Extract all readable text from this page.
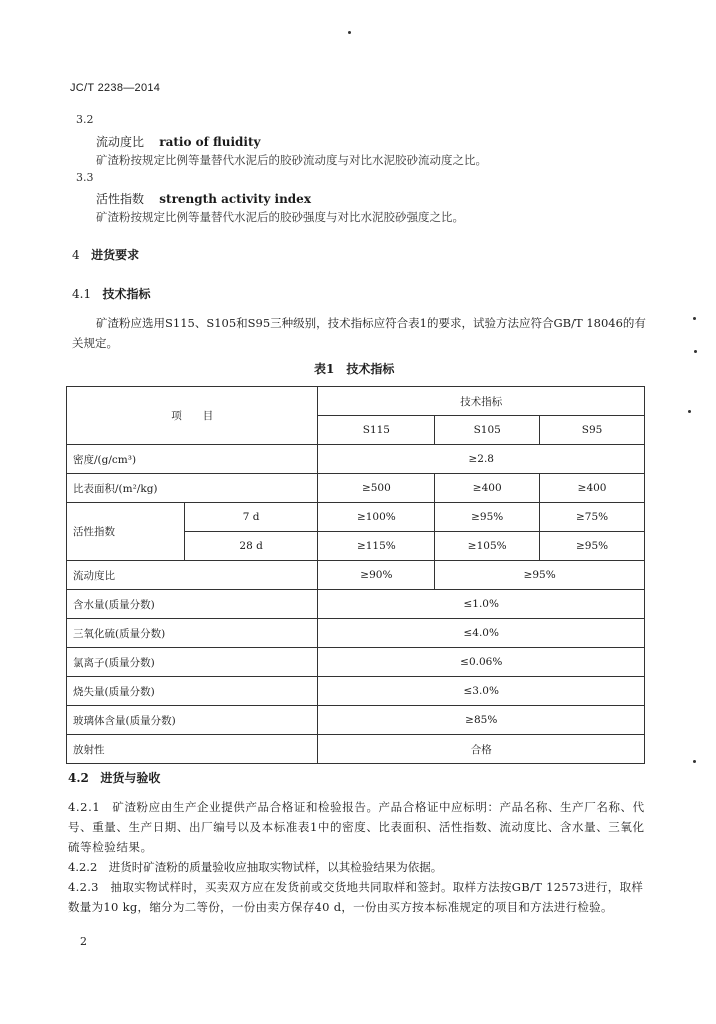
JC/T 2238—2014
3.2
流动度比 ratio of fluidity
矿渣粉按规定比例等量替代水泥后的胶砂流动度与对比水泥胶砂流动度之比。
3.3
活性指数 strength activity index
矿渣粉按规定比例等量替代水泥后的胶砂强度与对比水泥胶砂强度之比。
4 进货要求
4.1 技术指标
矿渣粉应选用S115、S105和S95三种级别，技术指标应符合表1的要求，试验方法应符合GB/T 18046的有关规定。
表1　技术指标
项　　目		技术指标		
		S115	S105	S95
密度/(g/cm³)		≥2.8		
比表面积/(m²/kg)		≥500	≥400	≥400
活性指数	7 d	≥100%	≥95%	≥75%
	28 d	≥115%	≥105%	≥95%
流动度比		≥90%	≥95%	
含水量(质量分数)		≤1.0%		
三氧化硫(质量分数)		≤4.0%		
氯离子(质量分数)		≤0.06%		
烧失量(质量分数)		≤3.0%		
玻璃体含量(质量分数)		≥85%		
放射性		合格		
4.2 进货与验收
4.2.1　矿渣粉应由生产企业提供产品合格证和检验报告。产品合格证中应标明：产品名称、生产厂名称、代号、重量、生产日期、出厂编号以及本标准表1中的密度、比表面积、活性指数、流动度比、含水量、三氧化硫等检验结果。
4.2.2　进货时矿渣粉的质量验收应抽取实物试样，以其检验结果为依据。
4.2.3　抽取实物试样时，买卖双方应在发货前或交货地共同取样和签封。取样方法按GB/T 12573进行，取样数量为10 kg，缩分为二等份，一份由卖方保存40 d，一份由买方按本标准规定的项目和方法进行检验。
2
